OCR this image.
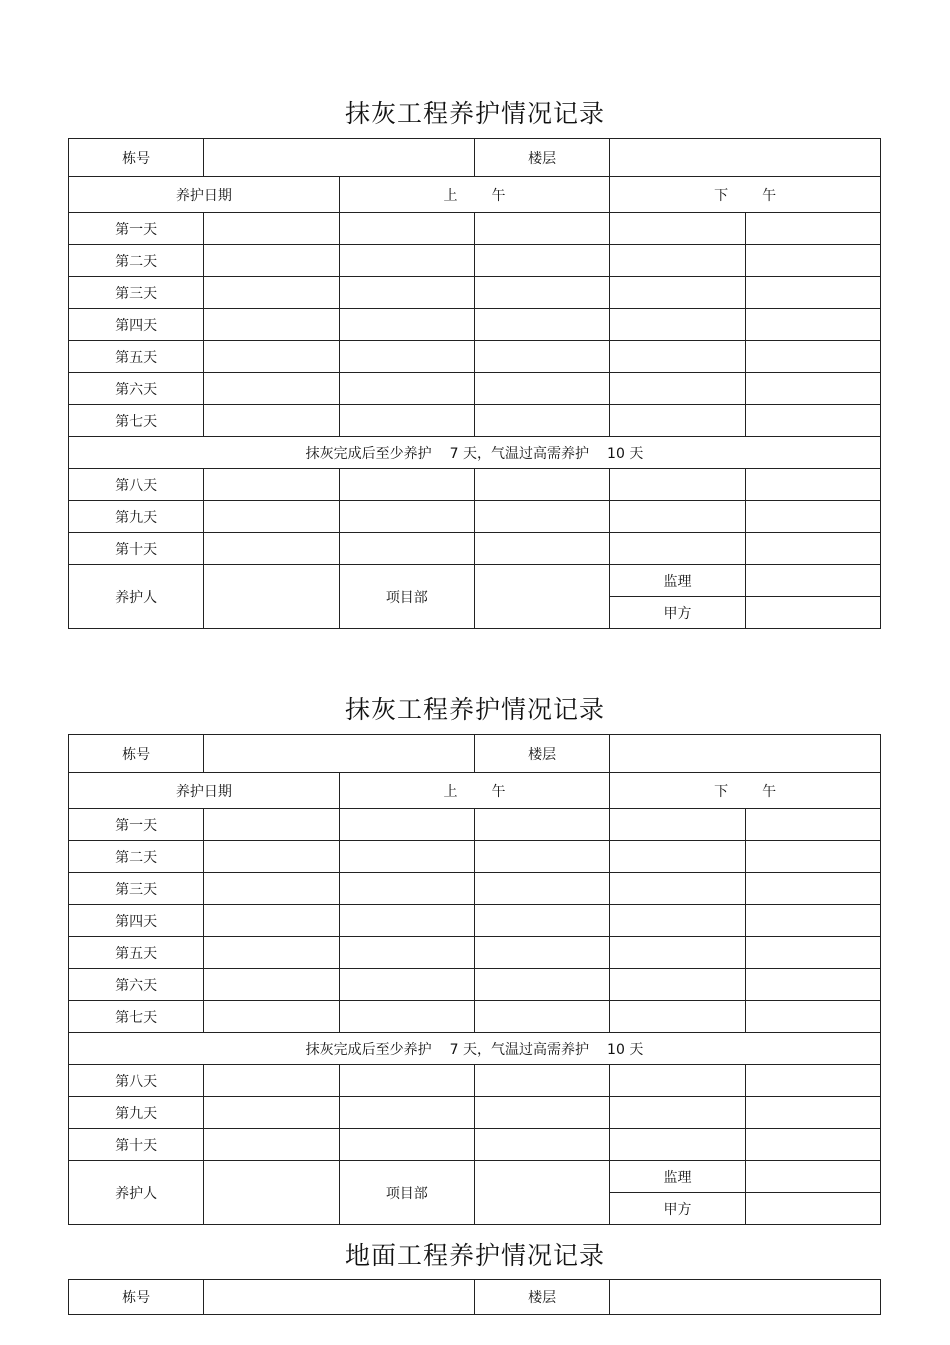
抹灰工程养护情况记录
栋号			楼层		
养护日期		上 午		下 午	
第一天					
第二天					
第三天					
第四天					
第五天					
第六天					
第七天					
抹灰完成后至少养护 7 天，气温过高需养护 10 天					
第八天					
第九天					
第十天					
养护人		项目部		监理	
				甲方	
抹灰工程养护情况记录
栋号			楼层		
养护日期		上 午		下 午	
第一天					
第二天					
第三天					
第四天					
第五天					
第六天					
第七天					
抹灰完成后至少养护 7 天，气温过高需养护 10 天					
第八天					
第九天					
第十天					
养护人		项目部		监理	
				甲方	
地面工程养护情况记录
栋号		楼层	
